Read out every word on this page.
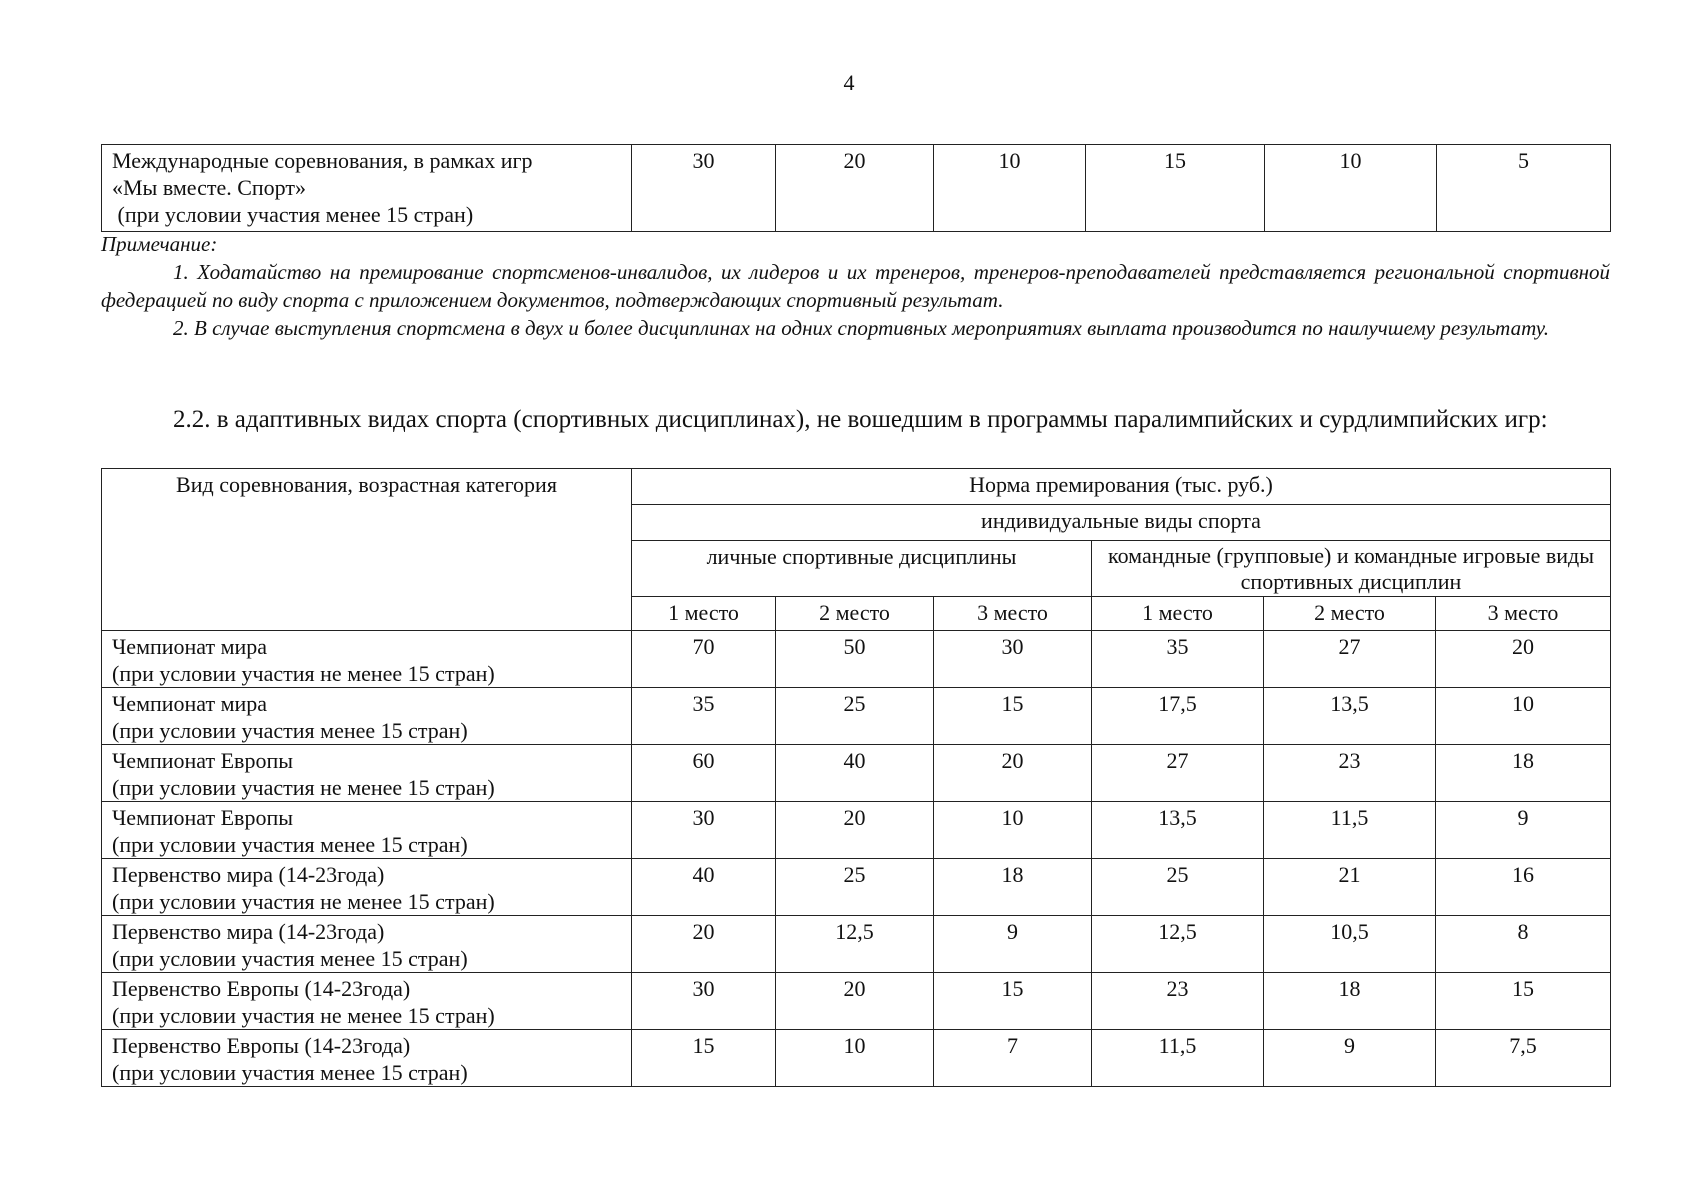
4
Международные соревнования, в рамках игр
«Мы вместе. Спорт»
(при условии участия менее 15 стран)
	30	20	10	15	10	5
Примечание:
1. Ходатайство на премирование спортсменов-инвалидов, их лидеров и их тренеров, тренеров-преподавателей представляется региональной спортивной федерацией по виду спорта с приложением документов, подтверждающих спортивный результат.
2. В случае выступления спортсмена в двух и более дисциплинах на одних спортивных мероприятиях выплата производится по наилучшему результату.
2.2. в адаптивных видах спорта (спортивных дисциплинах), не вошедшим в программы паралимпийских и сурдлимпийских игр:
Вид соревнования, возрастная категория	Норма премирования (тыс. руб.)					
	индивидуальные виды спорта					
	личные спортивные дисциплины			командные (групповые) и командные игровые виды спортивных дисциплин		
	1 место	2 место	3 место	1 место	2 место	3 место

Чемпионат мира
(при условии участия не менее 15 стран)	70	50	30	35	27	20

Чемпионат мира
(при условии участия менее 15 стран)	35	25	15	17,5	13,5	10

Чемпионат Европы
(при условии участия не менее 15 стран)	60	40	20	27	23	18

Чемпионат Европы
(при условии участия менее 15 стран)	30	20	10	13,5	11,5	9

Первенство мира (14-23года)
(при условии участия не менее 15 стран)	40	25	18	25	21	16

Первенство мира (14-23года)
(при условии участия менее 15 стран)	20	12,5	9	12,5	10,5	8

Первенство Европы (14-23года)
(при условии участия не менее 15 стран)	30	20	15	23	18	15

Первенство Европы (14-23года)
(при условии участия менее 15 стран)	15	10	7	11,5	9	7,5
